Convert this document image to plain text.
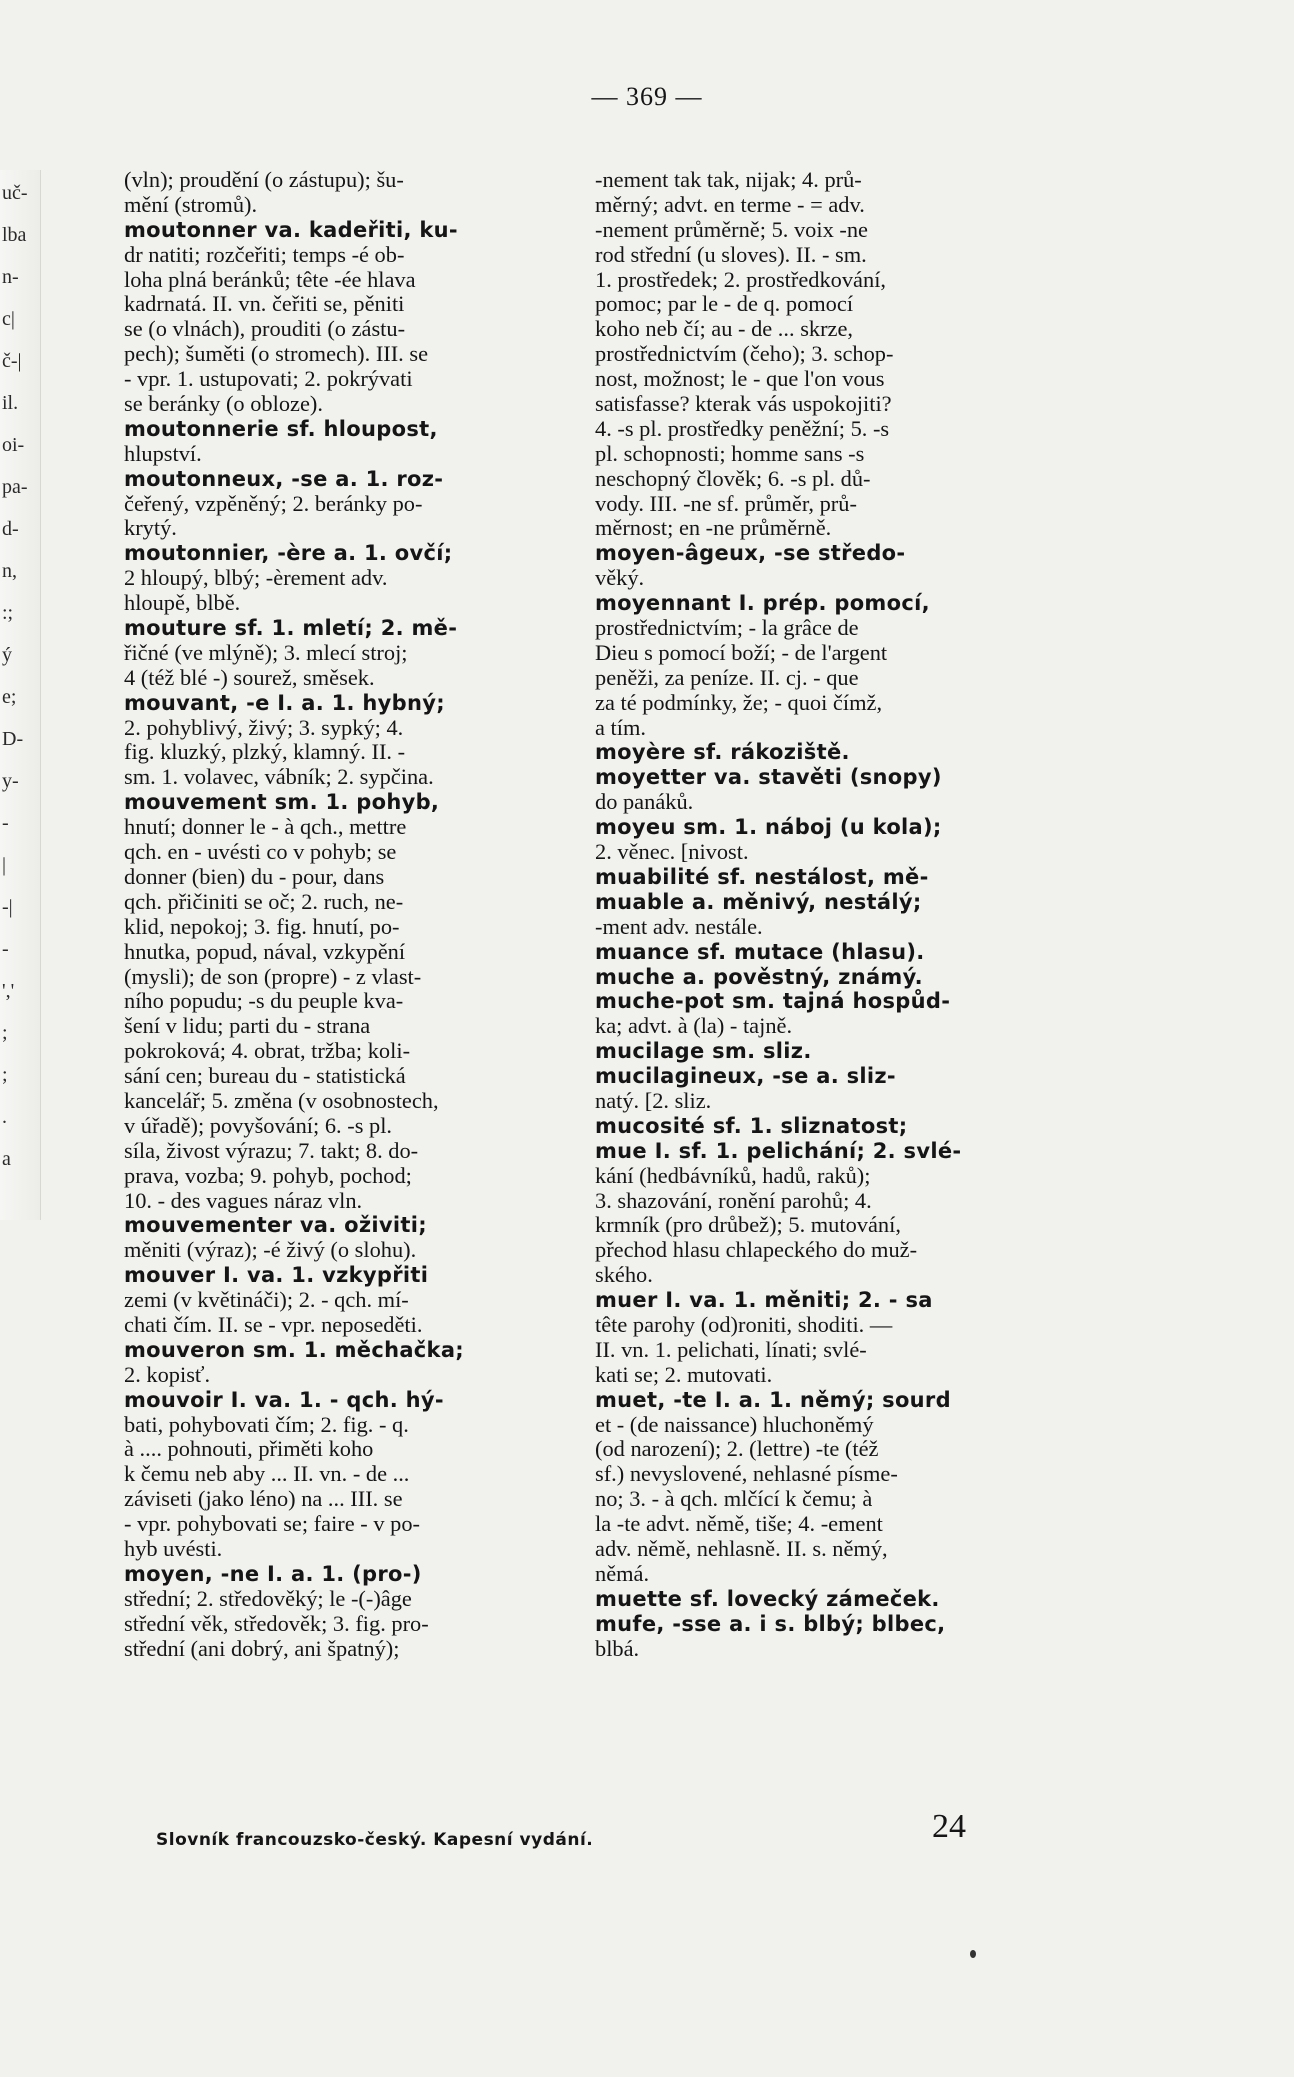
— 369 —
uč-
lba
n-
c|
č-|
il.
oi-
pa-
d-
n,
:;
ý
e;
D-
y-
-
|
-|
-
','
;
;
.
a
(vln); proudění (o zástupu); šu-
mění (stromů).
moutonner va. kadeřiti, ku-
dr natiti; rozčeřiti; temps -é ob-
loha plná beránků; tête -ée hlava
kadrnatá. II. vn. čeřiti se, pěniti
se (o vlnách), prouditi (o zástu-
pech); šuměti (o stromech). III. se
- vpr. 1. ustupovati; 2. pokrývati
se beránky (o obloze).
moutonnerie sf. hloupost,
hlupství.
moutonneux, -se a. 1. roz-
čeřený, vzpěněný; 2. beránky po-
krytý.
moutonnier, -ère a. 1. ovčí;
2 hloupý, blbý; -èrement adv.
hloupě, blbě.
mouture sf. 1. mletí; 2. mě-
řičné (ve mlýně); 3. mlecí stroj;
4 (též blé -) sourež, směsek.
mouvant, -e I. a. 1. hybný;
2. pohyblivý, živý; 3. sypký; 4.
fig. kluzký, plzký, klamný. II. -
sm. 1. volavec, vábník; 2. sypčina.
mouvement sm. 1. pohyb,
hnutí; donner le - à qch., mettre
qch. en - uvésti co v pohyb; se
donner (bien) du - pour, dans
qch. přičiniti se oč; 2. ruch, ne-
klid, nepokoj; 3. fig. hnutí, po-
hnutka, popud, nával, vzkypění
(mysli); de son (propre) - z vlast-
ního popudu; -s du peuple kva-
šení v lidu; parti du - strana
pokroková; 4. obrat, tržba; koli-
sání cen; bureau du - statistická
kancelář; 5. změna (v osobnostech,
v úřadě); povyšování; 6. -s pl.
síla, živost výrazu; 7. takt; 8. do-
prava, vozba; 9. pohyb, pochod;
10. - des vagues náraz vln.
mouvementer va. oživiti;
měniti (výraz); -é živý (o slohu).
mouver I. va. 1. vzkypřiti
zemi (v květináči); 2. - qch. mí-
chati čím. II. se - vpr. neposeděti.
mouveron sm. 1. měchačka;
2. kopisť.
mouvoir I. va. 1. - qch. hý-
bati, pohybovati čím; 2. fig. - q.
à .... pohnouti, přiměti koho
k čemu neb aby ... II. vn. - de ...
záviseti (jako léno) na ... III. se
- vpr. pohybovati se; faire - v po-
hyb uvésti.
moyen, -ne I. a. 1. (pro-)
střední; 2. středověký; le -(-)âge
střední věk, středověk; 3. fig. pro-
střední (ani dobrý, ani špatný);
-nement tak tak, nijak; 4. prů-
měrný; advt. en terme - = adv.
-nement průměrně; 5. voix -ne
rod střední (u sloves). II. - sm.
1. prostředek; 2. prostředkování,
pomoc; par le - de q. pomocí
koho neb čí; au - de ... skrze,
prostřednictvím (čeho); 3. schop-
nost, možnost; le - que l'on vous
satisfasse? kterak vás uspokojiti?
4. -s pl. prostředky peněžní; 5. -s
pl. schopnosti; homme sans -s
neschopný člověk; 6. -s pl. dů-
vody. III. -ne sf. průměr, prů-
měrnost; en -ne průměrně.
moyen-âgeux, -se středo-
věký.
moyennant I. prép. pomocí,
prostřednictvím; - la grâce de
Dieu s pomocí boží; - de l'argent
peněži, za peníze. II. cj. - que
za té podmínky, že; - quoi čímž,
a tím.
moyère sf. rákoziště.
moyetter va. stavěti (snopy)
do panáků.
moyeu sm. 1. náboj (u kola);
2. věnec. [nivost.
muabilité sf. nestálost, mě-
muable a. měnivý, nestálý;
-ment adv. nestále.
muance sf. mutace (hlasu).
muche a. pověstný, známý.
muche-pot sm. tajná hospůd-
ka; advt. à (la) - tajně.
mucilage sm. sliz.
mucilagineux, -se a. sliz-
natý. [2. sliz.
mucosité sf. 1. sliznatost;
mue I. sf. 1. pelichání; 2. svlé-
kání (hedbávníků, hadů, raků);
3. shazování, ronění parohů; 4.
krmník (pro drůbež); 5. mutování,
přechod hlasu chlapeckého do muž-
ského.
muer I. va. 1. měniti; 2. - sa
tête parohy (od)roniti, shoditi. —
II. vn. 1. pelichati, línati; svlé-
kati se; 2. mutovati.
muet, -te I. a. 1. němý; sourd
et - (de naissance) hluchoněmý
(od narození); 2. (lettre) -te (též
sf.) nevyslovené, nehlasné písme-
no; 3. - à qch. mlčící k čemu; à
la -te advt. němě, tiše; 4. -ement
adv. němě, nehlasně. II. s. němý,
němá.
muette sf. lovecký zámeček.
mufe, -sse a. i s. blbý; blbec,
blbá.
Slovník francouzsko-český. Kapesní vydání.	24
